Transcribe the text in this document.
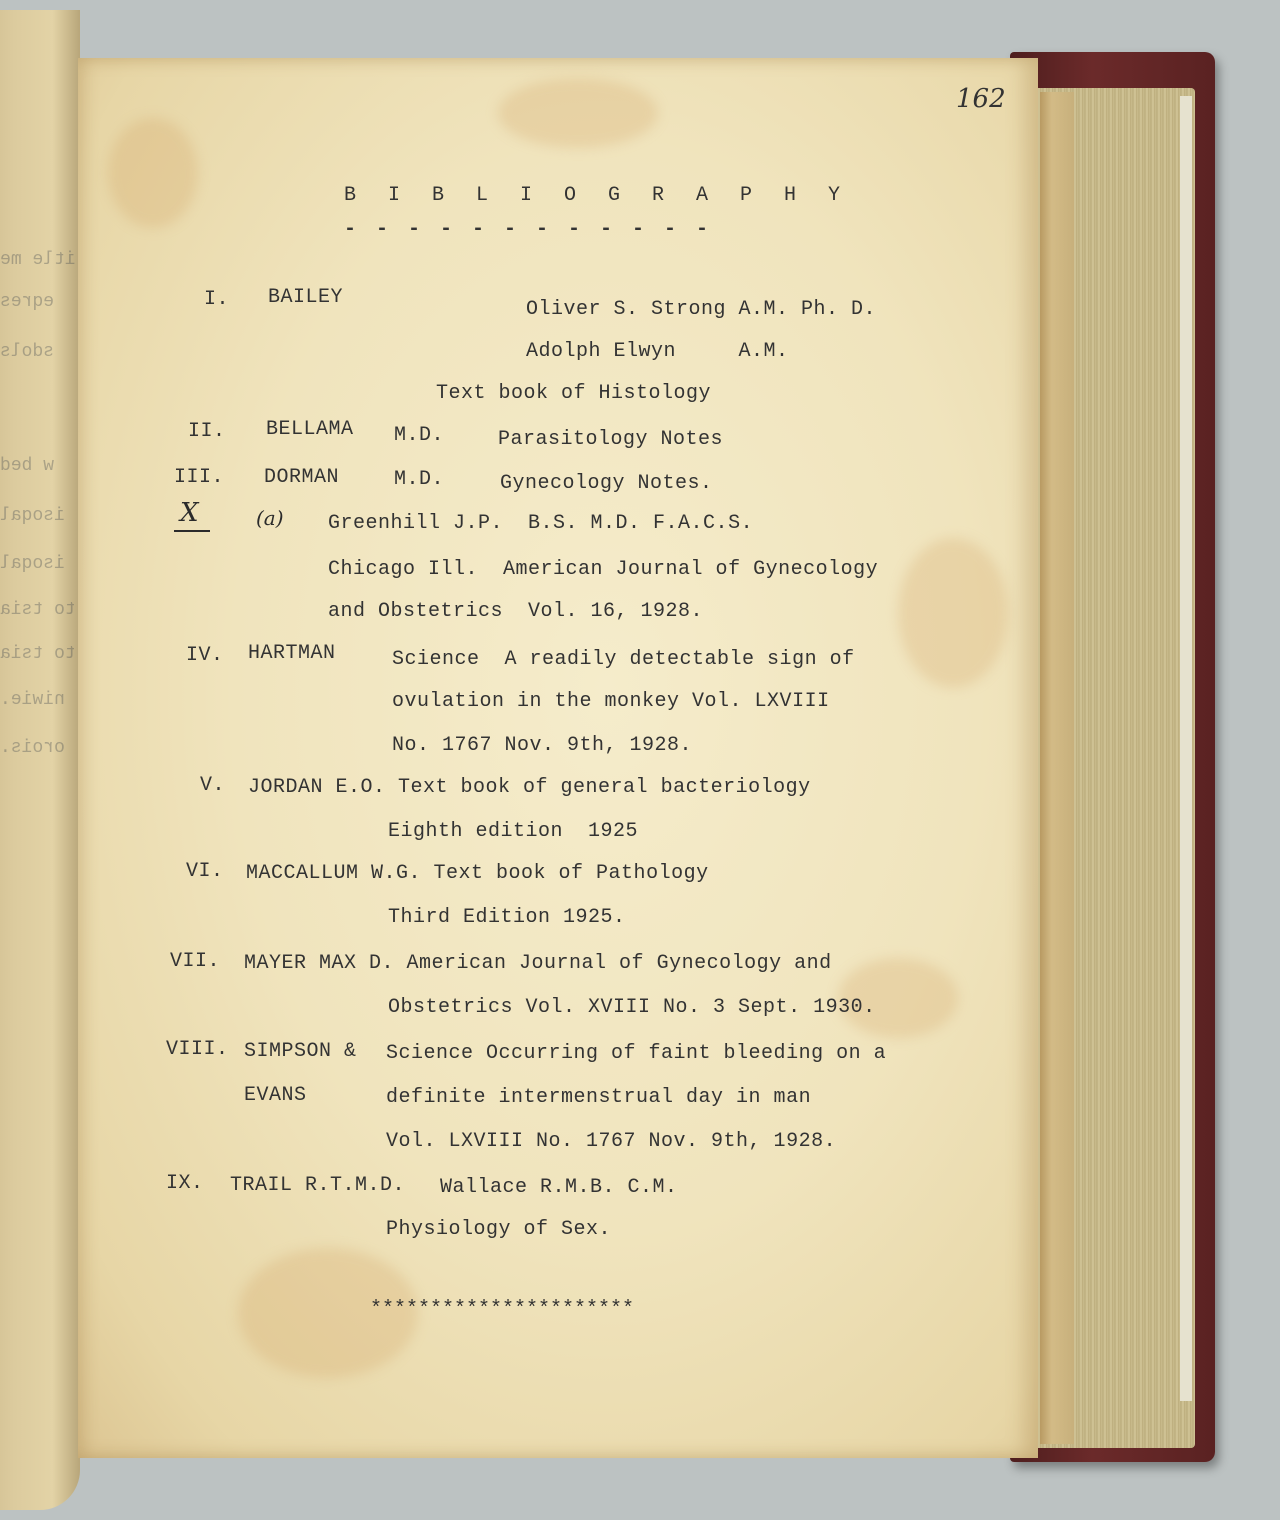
itle me
eqres
sdols
w bed
isoqal
isoqal
to tsia
to tsia
niwie.
orois.
162
B I B L I O G R A P H Y
- - - - - - - - - - - -
I. BAILEY
Oliver S. Strong A.M. Ph. D.
Adolph Elwyn     A.M.
Text book of Histology
II. BELLAMA M.D.	Parasitology Notes
III. DORMAN	M.D.	Gynecology Notes.
X	(a) Greenhill J.P.  B.S. M.D. F.A.C.S.
Chicago Ill.  American Journal of Gynecology
and Obstetrics  Vol. 16, 1928.
IV. HARTMAN	Science  A readily detectable sign of
ovulation in the monkey Vol. LXVIII
No. 1767 Nov. 9th, 1928.
V. JORDAN E.O. Text book of general bacteriology
Eighth edition  1925
VI. MACCALLUM W.G. Text book of Pathology
Third Edition 1925.
VII. MAYER MAX D. American Journal of Gynecology and
Obstetrics Vol. XVIII No. 3 Sept. 1930.
VIII. SIMPSON & Science Occurring of faint bleeding on a
EVANS	definite intermenstrual day in man
Vol. LXVIII No. 1767 Nov. 9th, 1928.
IX. TRAIL R.T.M.D. Wallace R.M.B. C.M.
Physiology of Sex.
**********************
